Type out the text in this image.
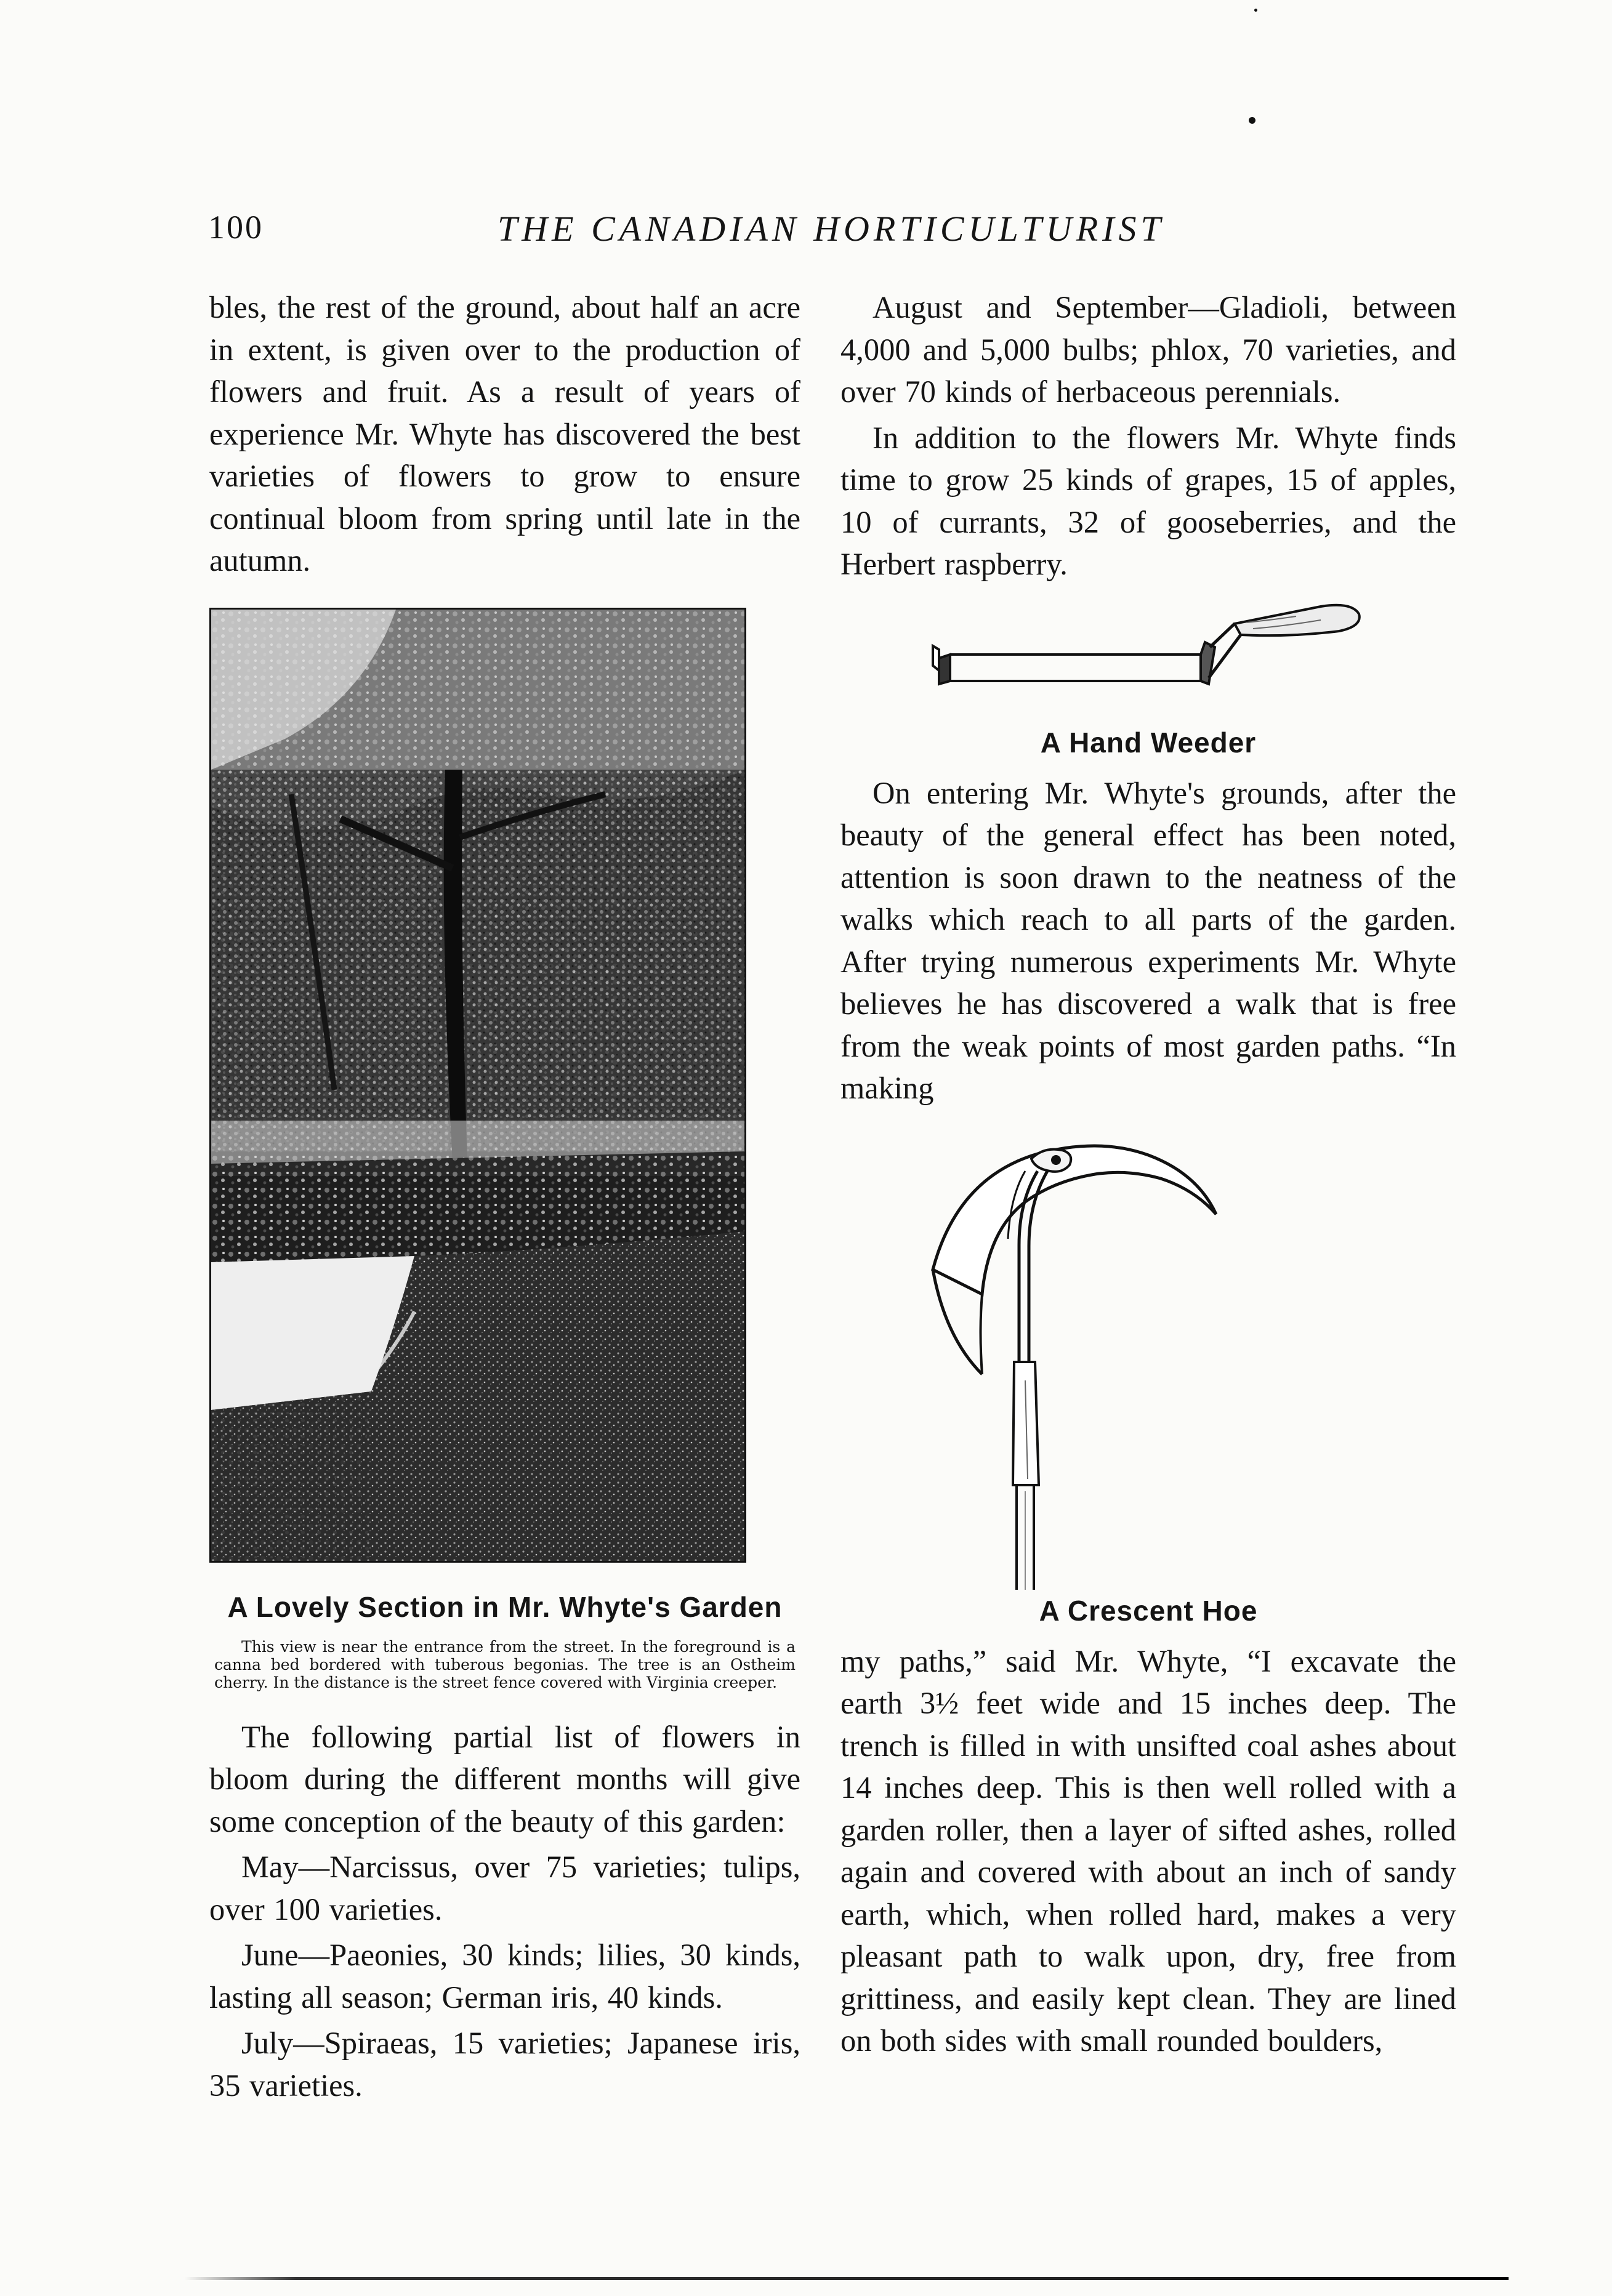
100	THE CANADIAN HORTICULTURIST

bles, the rest of the ground, about half an acre in extent, is given over to the production of flowers and fruit. As a result of years of experience Mr. Whyte has discovered the best varieties of flowers to grow to ensure continual bloom from spring until late in the autumn.

A Lovely Section in Mr. Whyte's Garden

This view is near the entrance from the street. In the foreground is a canna bed bordered with tuberous begonias. The tree is an Ostheim cherry. In the distance is the street fence covered with Virginia creeper.

The following partial list of flowers in bloom during the different months will give some conception of the beauty of this garden:

May—Narcissus, over 75 varieties; tulips, over 100 varieties.

June—Paeonies, 30 kinds; lilies, 30 kinds, lasting all season; German iris, 40 kinds.

July—Spiraeas, 15 varieties; Japanese iris, 35 varieties.

August and September—Gladioli, between 4,000 and 5,000 bulbs; phlox, 70 varieties, and over 70 kinds of herbaceous perennials.

In addition to the flowers Mr. Whyte finds time to grow 25 kinds of grapes, 15 of apples, 10 of currants, 32 of gooseberries, and the Herbert raspberry.

A Hand Weeder

On entering Mr. Whyte's grounds, after the beauty of the general effect has been noted, attention is soon drawn to the neatness of the walks which reach to all parts of the garden. After trying numerous experiments Mr. Whyte believes he has discovered a walk that is free from the weak points of most garden paths. “In making

A Crescent Hoe

my paths,” said Mr. Whyte, “I excavate the earth 3½ feet wide and 15 inches deep. The trench is filled in with unsifted coal ashes about 14 inches deep. This is then well rolled with a garden roller, then a layer of sifted ashes, rolled again and covered with about an inch of sandy earth, which, when rolled hard, makes a very pleasant path to walk upon, dry, free from grittiness, and easily kept clean. They are lined on both sides with small rounded boulders,
